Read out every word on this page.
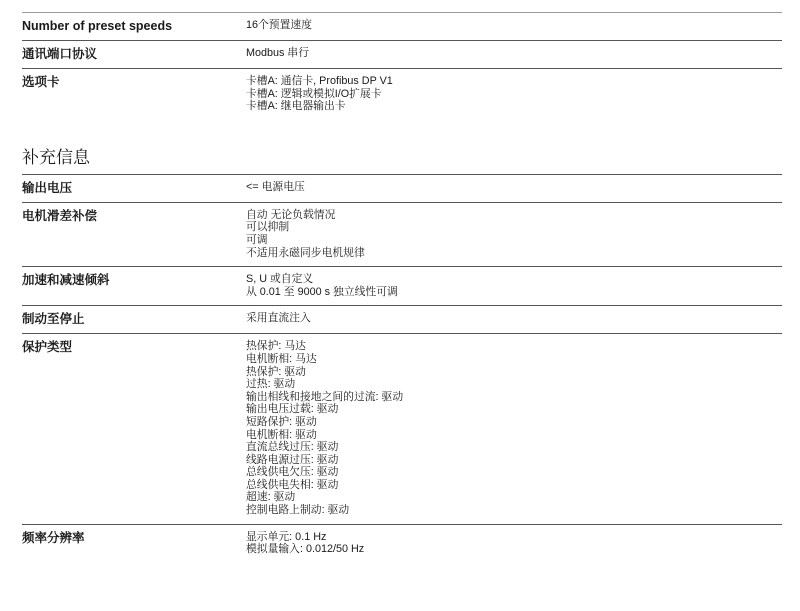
Number of preset speeds	16个预置速度
通讯端口协议	Modbus 串行
选项卡	卡槽A: 通信卡, Profibus DP V1
卡槽A: 逻辑或模拟I/O扩展卡
卡槽A: 继电器输出卡
补充信息
输出电压	<= 电源电压
电机滑差补偿	自动 无论负载情况
可以抑制
可调
不适用永磁同步电机规律
加速和减速倾斜	S, U 或自定义
从 0.01 至 9000 s 独立线性可调
制动至停止	采用直流注入
保护类型	热保护: 马达
电机断相: 马达
热保护: 驱动
过热: 驱动
输出相线和接地之间的过流: 驱动
输出电压过载: 驱动
短路保护: 驱动
电机断相: 驱动
直流总线过压: 驱动
线路电源过压: 驱动
总线供电欠压: 驱动
总线供电失相: 驱动
超速: 驱动
控制电路上制动: 驱动
频率分辨率	显示单元: 0.1 Hz
模拟量输入: 0.012/50 Hz
